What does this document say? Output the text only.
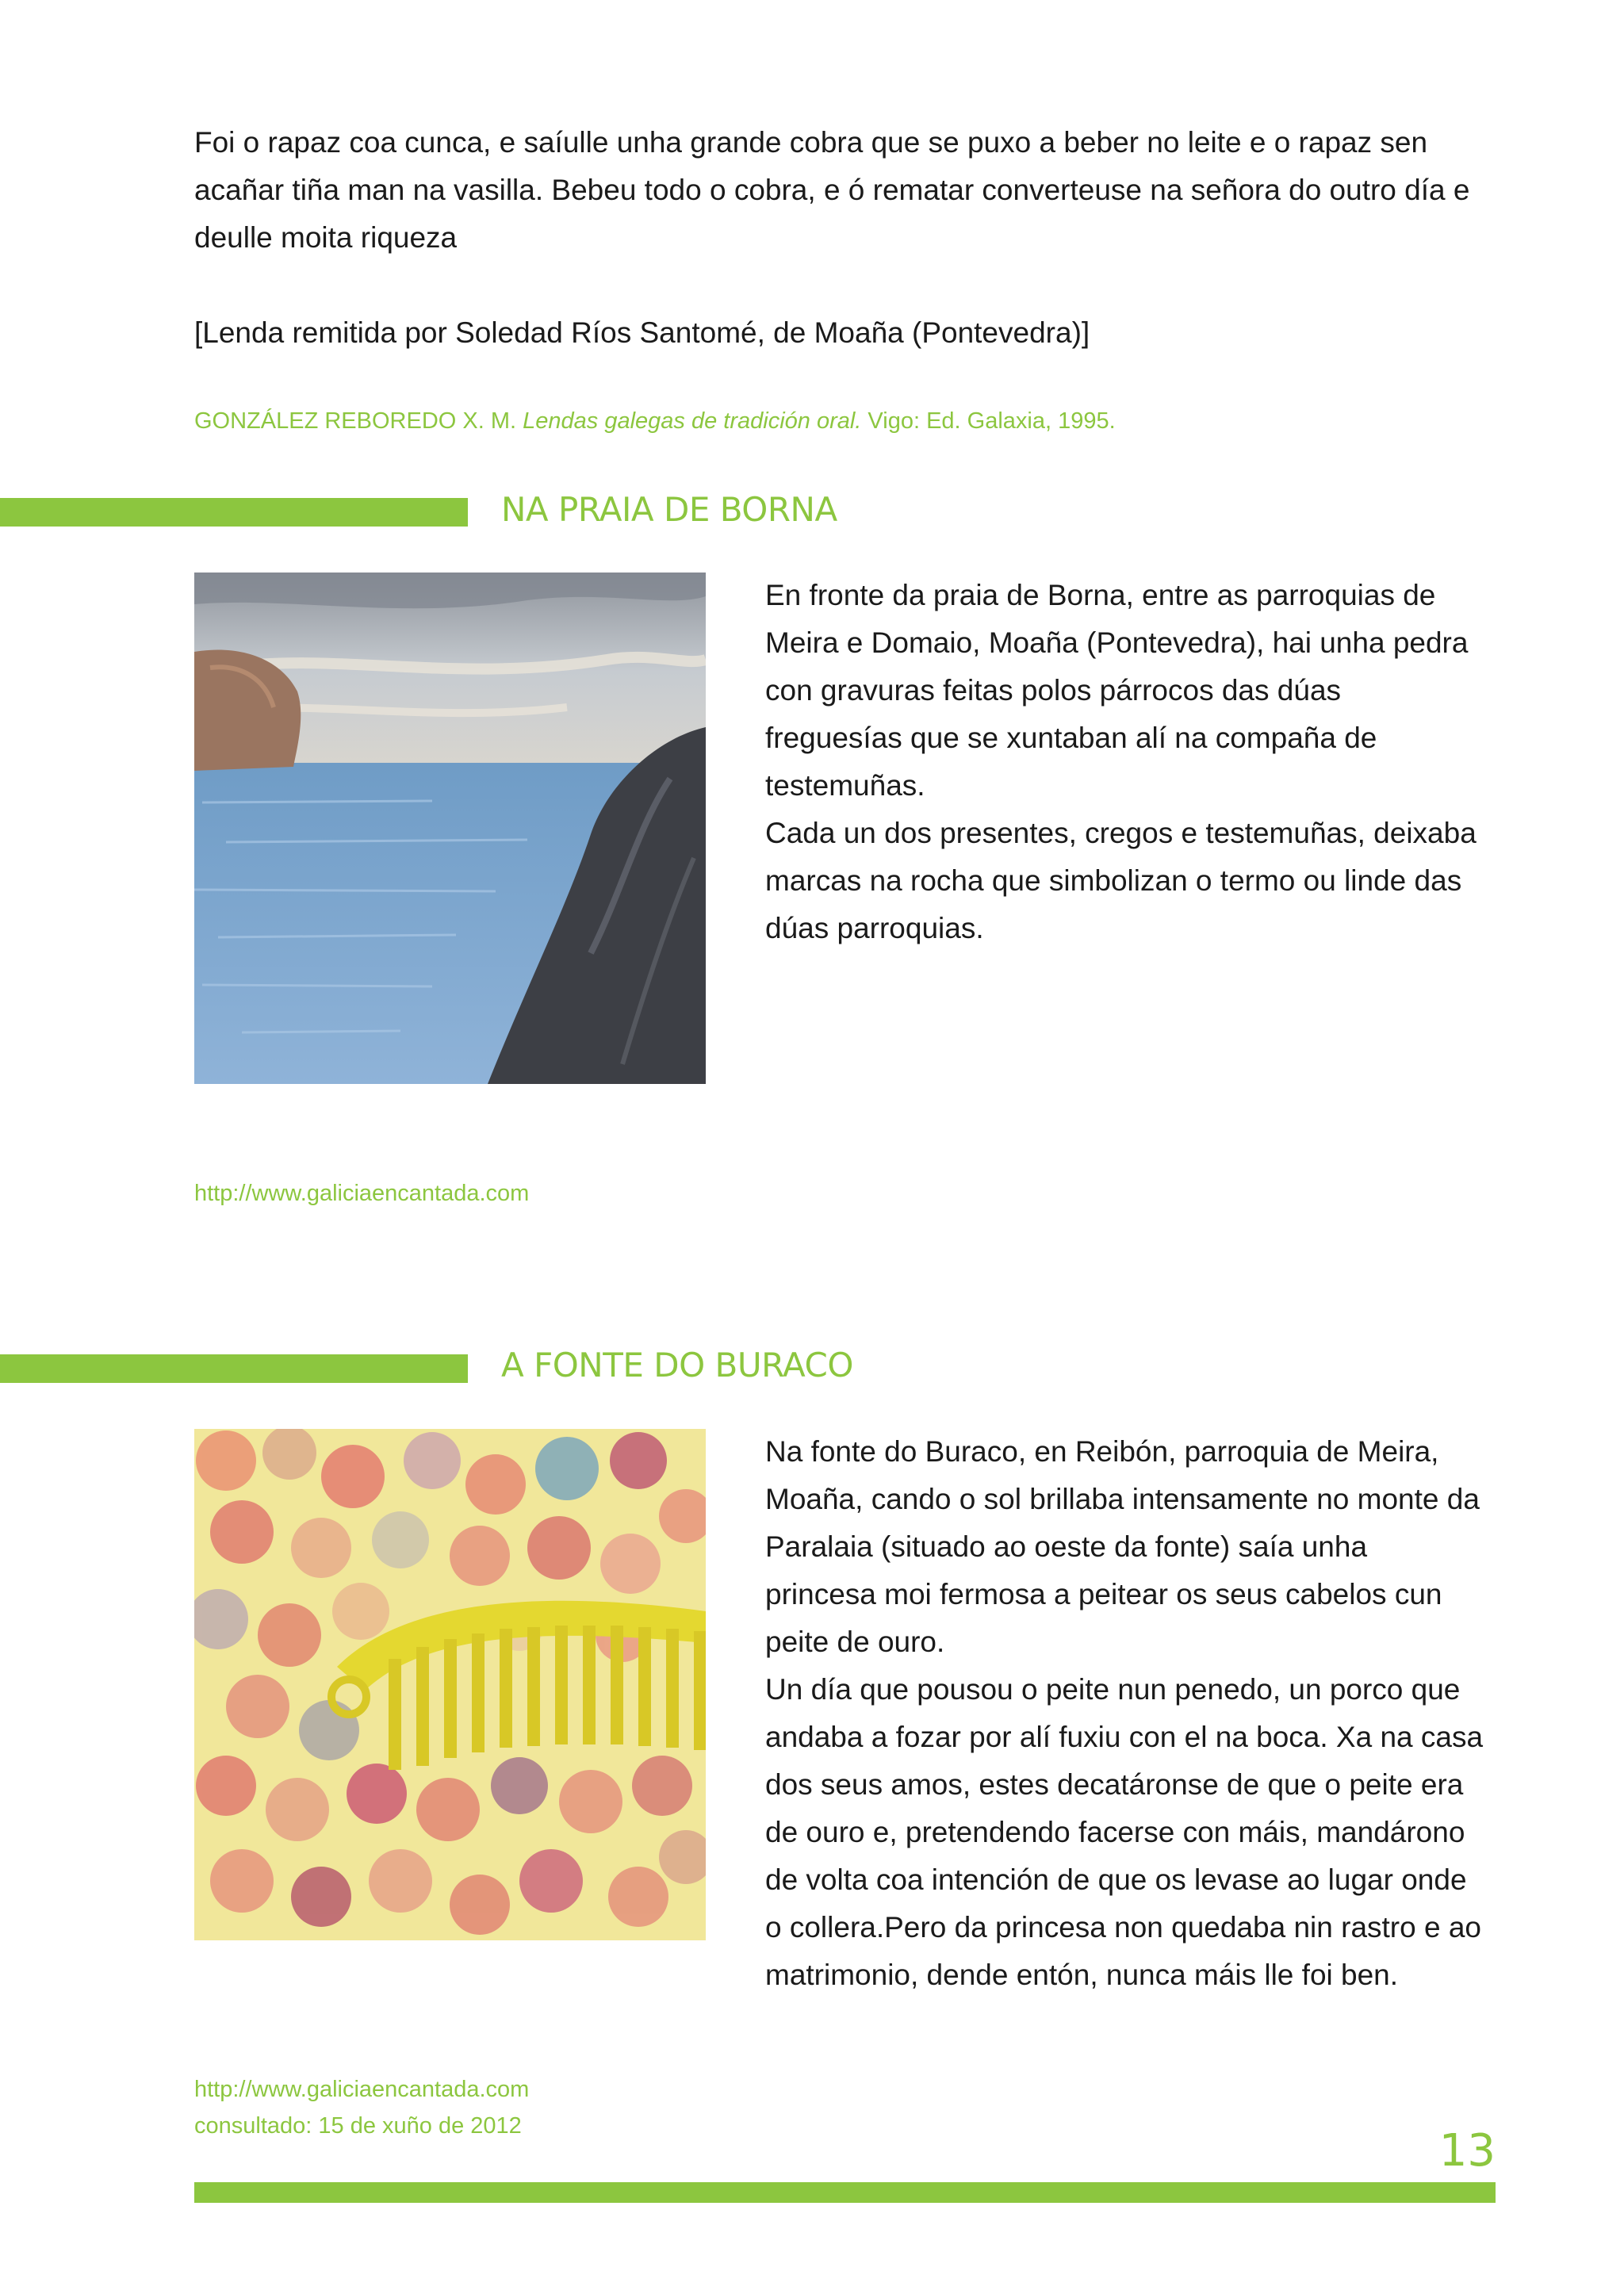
Foi o rapaz coa cunca, e saíulle unha grande cobra que se puxo a beber no leite e o rapaz sen
acañar tiña man na vasilla. Bebeu todo o cobra, e ó rematar converteuse na señora do outro día e
deulle moita riqueza
[Lenda remitida por Soledad Ríos Santomé, de Moaña (Pontevedra)]
GONZÁLEZ REBOREDO X. M. Lendas galegas de tradición oral. Vigo: Ed. Galaxia, 1995.
NA PRAIA DE BORNA
En fronte da praia de Borna, entre as parroquias de
Meira e Domaio, Moaña (Pontevedra), hai unha pedra
con gravuras feitas polos párrocos das dúas
freguesías que se xuntaban alí na compaña de
testemuñas.
Cada un dos presentes, cregos e testemuñas, deixaba
marcas na rocha que simbolizan o termo ou linde das
dúas parroquias.
http://www.galiciaencantada.com
A FONTE DO BURACO
Na fonte do Buraco, en Reibón, parroquia de Meira,
Moaña, cando o sol brillaba intensamente no monte da
Paralaia (situado ao oeste da fonte) saía unha
princesa moi fermosa a peitear os seus cabelos cun
peite de ouro.
Un día que pousou o peite nun penedo, un porco que
andaba a fozar por alí fuxiu con el na boca. Xa na casa
dos seus amos, estes decatáronse de que o peite era
de ouro e, pretendendo facerse con máis, mandárono
de volta coa intención de que os levase ao lugar onde
o collera.Pero da princesa non quedaba nin rastro e ao
matrimonio, dende entón, nunca máis lle foi ben.
http://www.galiciaencantada.com
consultado: 15 de xuño de 2012	13
